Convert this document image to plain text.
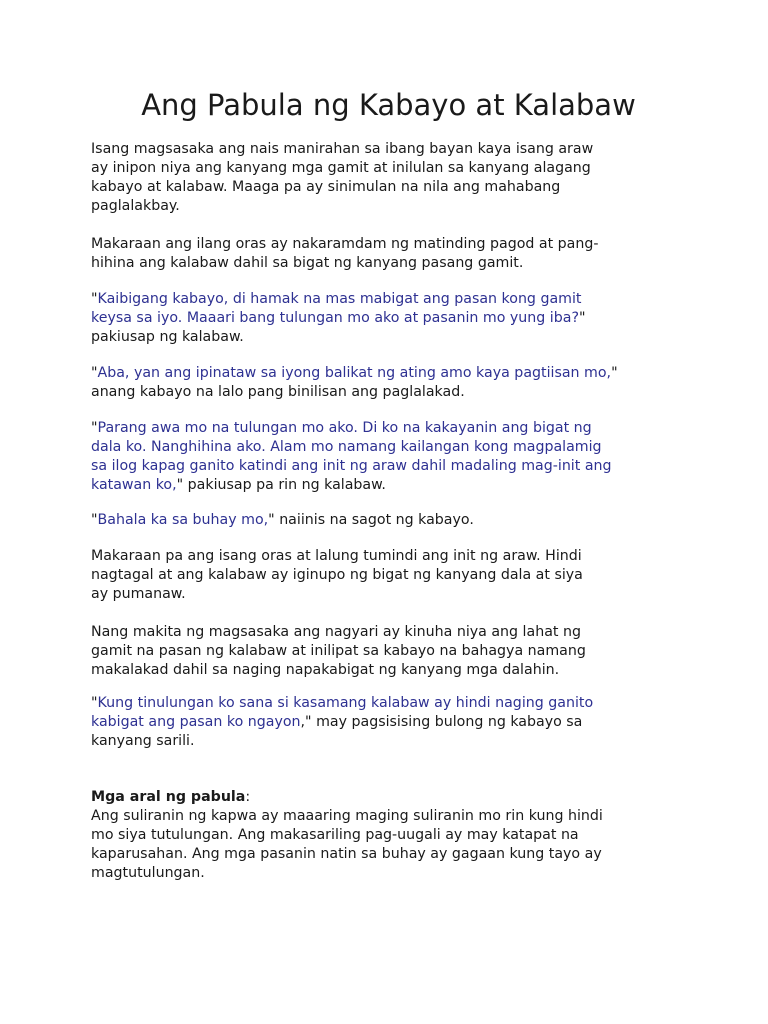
Ang Pabula ng Kabayo at Kalabaw

Isang magsasaka ang nais manirahan sa ibang bayan kaya isang araw
ay inipon niya ang kanyang mga gamit at inilulan sa kanyang alagang
kabayo at kalabaw. Maaga pa ay sinimulan na nila ang mahabang
paglalakbay.

Makaraan ang ilang oras ay nakaramdam ng matinding pagod at pang-
hihina ang kalabaw dahil sa bigat ng kanyang pasang gamit.

"Kaibigang kabayo, di hamak na mas mabigat ang pasan kong gamit
keysa sa iyo. Maaari bang tulungan mo ako at pasanin mo yung iba?"
pakiusap ng kalabaw.

"Aba, yan ang ipinataw sa iyong balikat ng ating amo kaya pagtiisan mo,"
anang kabayo na lalo pang binilisan ang paglalakad.

"Parang awa mo na tulungan mo ako. Di ko na kakayanin ang bigat ng
dala ko. Nanghihina ako. Alam mo namang kailangan kong magpalamig
sa ilog kapag ganito katindi ang init ng araw dahil madaling mag-init ang
katawan ko," pakiusap pa rin ng kalabaw.

"Bahala ka sa buhay mo," naiinis na sagot ng kabayo.

Makaraan pa ang isang oras at lalung tumindi ang init ng araw. Hindi
nagtagal at ang kalabaw ay iginupo ng bigat ng kanyang dala at siya
ay pumanaw.

Nang makita ng magsasaka ang nagyari ay kinuha niya ang lahat ng
gamit na pasan ng kalabaw at inilipat sa kabayo na bahagya namang
makalakad dahil sa naging napakabigat ng kanyang mga dalahin.

"Kung tinulungan ko sana si kasamang kalabaw ay hindi naging ganito
kabigat ang pasan ko ngayon," may pagsisising bulong ng kabayo sa
kanyang sarili.

Mga aral ng pabula:
Ang suliranin ng kapwa ay maaaring maging suliranin mo rin kung hindi
mo siya tutulungan. Ang makasariling pag-uugali ay may katapat na
kaparusahan. Ang mga pasanin natin sa buhay ay gagaan kung tayo ay
magtutulungan.
